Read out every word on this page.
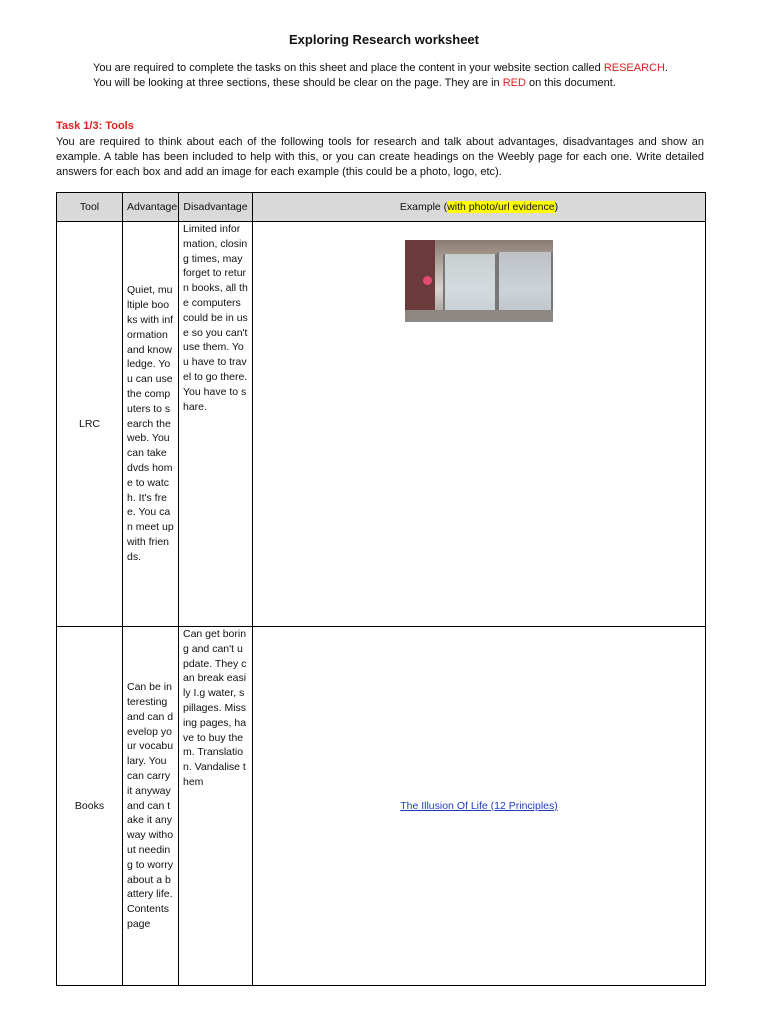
Exploring Research worksheet
You are required to complete the tasks on this sheet and place the content in your website section called RESEARCH. You will be looking at three sections, these should be clear on the page. They are in RED on this document.
Task 1/3: Tools
You are required to think about each of the following tools for research and talk about advantages, disadvantages and show an example. A table has been included to help with this, or you can create headings on the Weebly page for each one. Write detailed answers for each box and add an image for each example (this could be a photo, logo, etc).
Tool	Advantage	Disadvantage	Example (with photo/url evidence)
LRC	Quiet, multiple books with information and knowledge. You can use the computers to search the web. You can take dvds home to watch. It's free. You can meet up with friends.	Limited information, closing times, may forget to return books, all the computers could be in use so you can't use them. You have to travel to go there. You have to share.	
Books	Can be interesting and can develop your vocabulary. You can carry it anyway and can take it anyway without needing to worry about a battery life. Contents page	Can get boring and can't update. They can break easily I.g water, spillages. Missing pages, have to buy them. Translation. Vandalise them	The Illusion Of Life (12 Principles)
